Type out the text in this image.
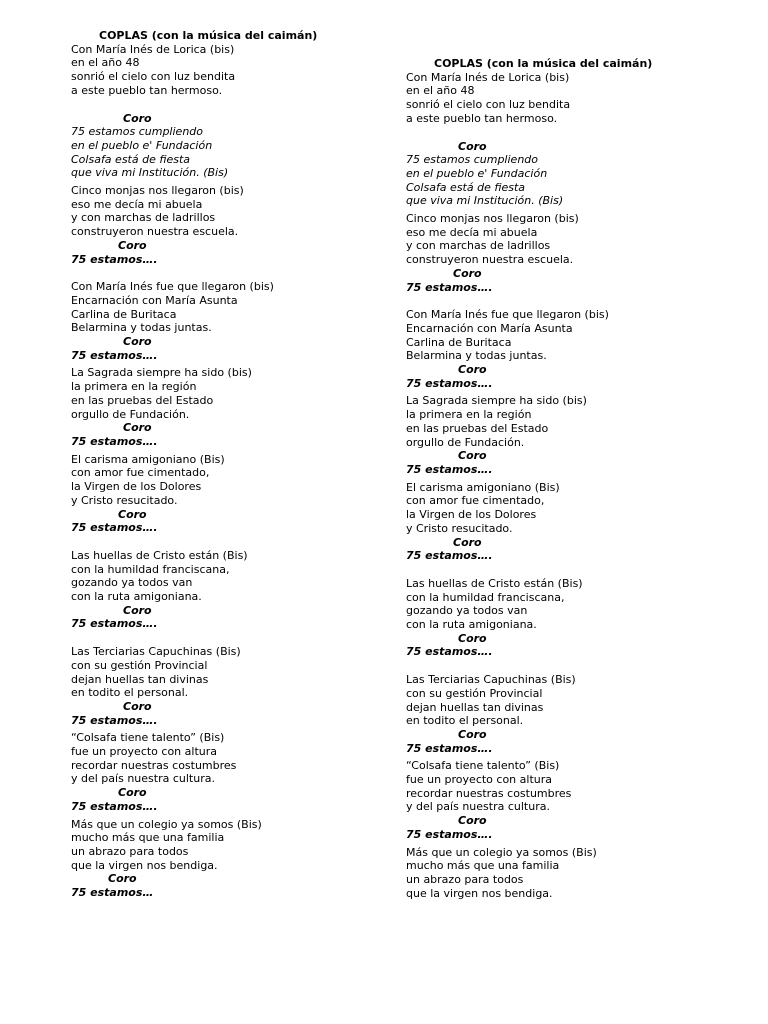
COPLAS (con la música del caimán)
Con María Inés de Lorica (bis)
en el año 48
sonrió el cielo con luz bendita
a este pueblo tan hermoso.
Coro
75 estamos cumpliendo
en el pueblo e' Fundación
Colsafa está de fiesta
que viva mi Institución. (Bis)
Cinco monjas nos llegaron (bis)
eso me decía mi abuela
y con marchas de ladrillos
construyeron nuestra escuela.
Coro
75 estamos….
Con María Inés fue que llegaron (bis)
Encarnación con María Asunta
Carlina de Buritaca
Belarmina y todas juntas.
Coro
75 estamos….
La Sagrada siempre ha sido (bis)
la primera en la región
en las pruebas del Estado
orgullo de Fundación.
Coro
75 estamos….
El carisma amigoniano (Bis)
con amor fue cimentado,
la Virgen de los Dolores
y Cristo resucitado.
Coro
75 estamos….
Las huellas de Cristo están (Bis)
con la humildad franciscana,
gozando ya todos van
con la ruta amigoniana.
Coro
75 estamos….
Las Terciarias Capuchinas (Bis)
con su gestión Provincial
dejan huellas tan divinas
en todito el personal.
Coro
75 estamos….
“Colsafa tiene talento” (Bis)
fue un proyecto con altura
recordar nuestras costumbres
y del país nuestra cultura.
Coro
75 estamos….
Más que un colegio ya somos (Bis)
mucho más que una familia
un abrazo para todos
que la virgen nos bendiga.
Coro
75 estamos…
COPLAS (con la música del caimán)
Con María Inés de Lorica (bis)
en el año 48
sonrió el cielo con luz bendita
a este pueblo tan hermoso.
Coro
75 estamos cumpliendo
en el pueblo e' Fundación
Colsafa está de fiesta
que viva mi Institución. (Bis)
Cinco monjas nos llegaron (bis)
eso me decía mi abuela
y con marchas de ladrillos
construyeron nuestra escuela.
Coro
75 estamos….
Con María Inés fue que llegaron (bis)
Encarnación con María Asunta
Carlina de Buritaca
Belarmina y todas juntas.
Coro
75 estamos….
La Sagrada siempre ha sido (bis)
la primera en la región
en las pruebas del Estado
orgullo de Fundación.
Coro
75 estamos….
El carisma amigoniano (Bis)
con amor fue cimentado,
la Virgen de los Dolores
y Cristo resucitado.
Coro
75 estamos….
Las huellas de Cristo están (Bis)
con la humildad franciscana,
gozando ya todos van
con la ruta amigoniana.
Coro
75 estamos….
Las Terciarias Capuchinas (Bis)
con su gestión Provincial
dejan huellas tan divinas
en todito el personal.
Coro
75 estamos….
“Colsafa tiene talento” (Bis)
fue un proyecto con altura
recordar nuestras costumbres
y del país nuestra cultura.
Coro
75 estamos….
Más que un colegio ya somos (Bis)
mucho más que una familia
un abrazo para todos
que la virgen nos bendiga.
